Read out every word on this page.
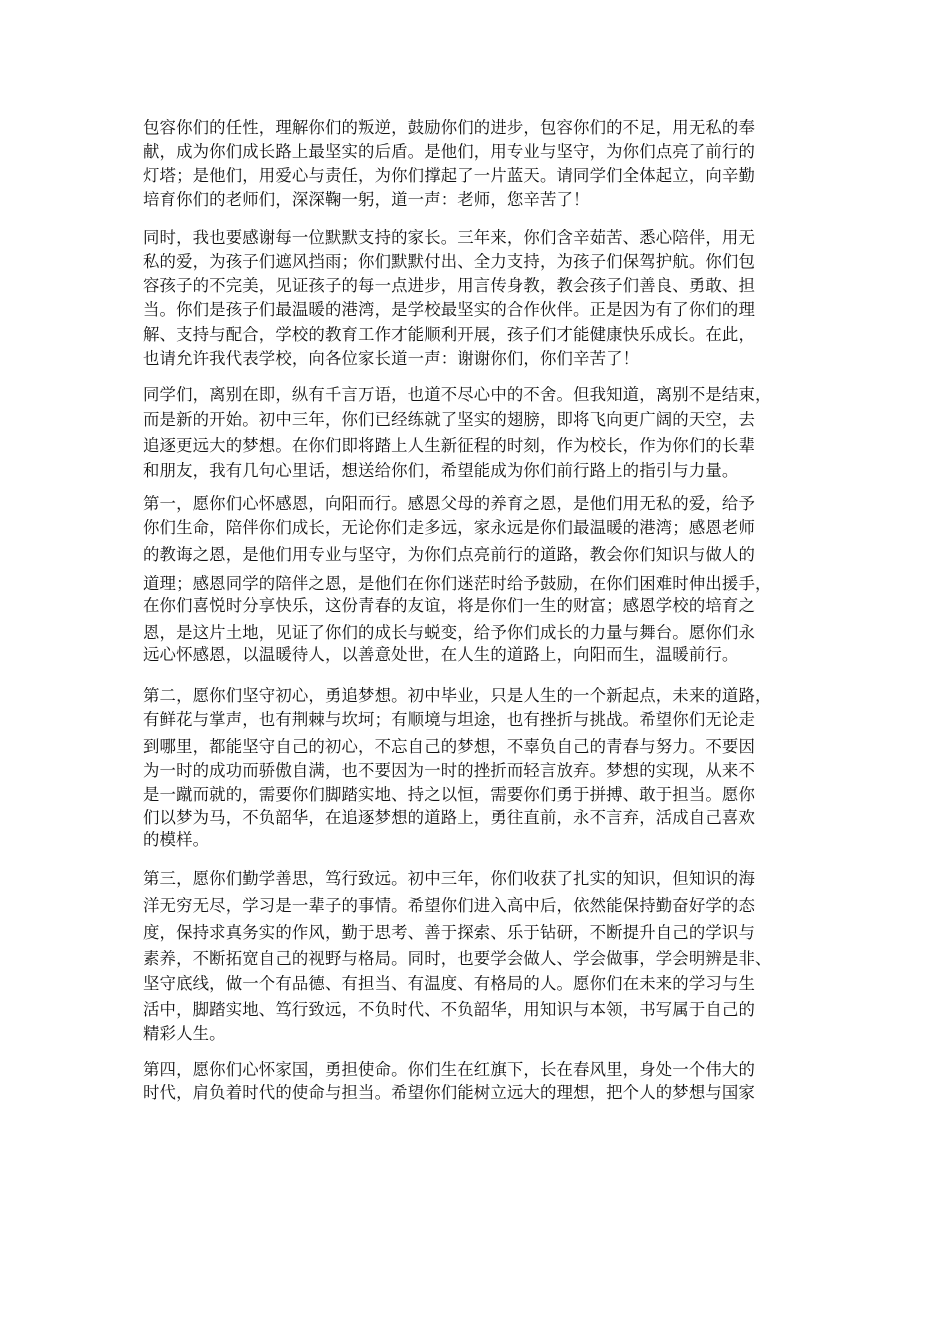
包容你们的任性，理解你们的叛逆，鼓励你们的进步，包容你们的不足，用无私的奉
献，成为你们成长路上最坚实的后盾。是他们，用专业与坚守，为你们点亮了前行的
灯塔；是他们，用爱心与责任，为你们撑起了一片蓝天。请同学们全体起立，向辛勤
培育你们的老师们，深深鞠一躬，道一声：老师，您辛苦了！
同时，我也要感谢每一位默默支持的家长。三年来，你们含辛茹苦、悉心陪伴，用无
私的爱，为孩子们遮风挡雨；你们默默付出、全力支持，为孩子们保驾护航。你们包
容孩子的不完美，见证孩子的每一点进步，用言传身教，教会孩子们善良、勇敢、担
当。你们是孩子们最温暖的港湾，是学校最坚实的合作伙伴。正是因为有了你们的理
解、支持与配合，学校的教育工作才能顺利开展，孩子们才能健康快乐成长。在此，
也请允许我代表学校，向各位家长道一声：谢谢你们，你们辛苦了！
同学们，离别在即，纵有千言万语，也道不尽心中的不舍。但我知道，离别不是结束，
而是新的开始。初中三年，你们已经练就了坚实的翅膀，即将飞向更广阔的天空，去
追逐更远大的梦想。在你们即将踏上人生新征程的时刻，作为校长，作为你们的长辈
和朋友，我有几句心里话，想送给你们，希望能成为你们前行路上的指引与力量。
第一，愿你们心怀感恩，向阳而行。感恩父母的养育之恩，是他们用无私的爱，给予
你们生命，陪伴你们成长，无论你们走多远，家永远是你们最温暖的港湾；感恩老师
的教诲之恩，是他们用专业与坚守，为你们点亮前行的道路，教会你们知识与做人的
道理；感恩同学的陪伴之恩，是他们在你们迷茫时给予鼓励，在你们困难时伸出援手，
在你们喜悦时分享快乐，这份青春的友谊，将是你们一生的财富；感恩学校的培育之
恩，是这片土地，见证了你们的成长与蜕变，给予你们成长的力量与舞台。愿你们永
远心怀感恩，以温暖待人，以善意处世，在人生的道路上，向阳而生，温暖前行。
第二，愿你们坚守初心，勇追梦想。初中毕业，只是人生的一个新起点，未来的道路，
有鲜花与掌声，也有荆棘与坎坷；有顺境与坦途，也有挫折与挑战。希望你们无论走
到哪里，都能坚守自己的初心，不忘自己的梦想，不辜负自己的青春与努力。不要因
为一时的成功而骄傲自满，也不要因为一时的挫折而轻言放弃。梦想的实现，从来不
是一蹴而就的，需要你们脚踏实地、持之以恒，需要你们勇于拼搏、敢于担当。愿你
们以梦为马，不负韶华，在追逐梦想的道路上，勇往直前，永不言弃，活成自己喜欢
的模样。
第三，愿你们勤学善思，笃行致远。初中三年，你们收获了扎实的知识，但知识的海
洋无穷无尽，学习是一辈子的事情。希望你们进入高中后，依然能保持勤奋好学的态
度，保持求真务实的作风，勤于思考、善于探索、乐于钻研，不断提升自己的学识与
素养，不断拓宽自己的视野与格局。同时，也要学会做人、学会做事，学会明辨是非、
坚守底线，做一个有品德、有担当、有温度、有格局的人。愿你们在未来的学习与生
活中，脚踏实地、笃行致远，不负时代、不负韶华，用知识与本领，书写属于自己的
精彩人生。
第四，愿你们心怀家国，勇担使命。你们生在红旗下，长在春风里，身处一个伟大的
时代，肩负着时代的使命与担当。希望你们能树立远大的理想，把个人的梦想与国家
